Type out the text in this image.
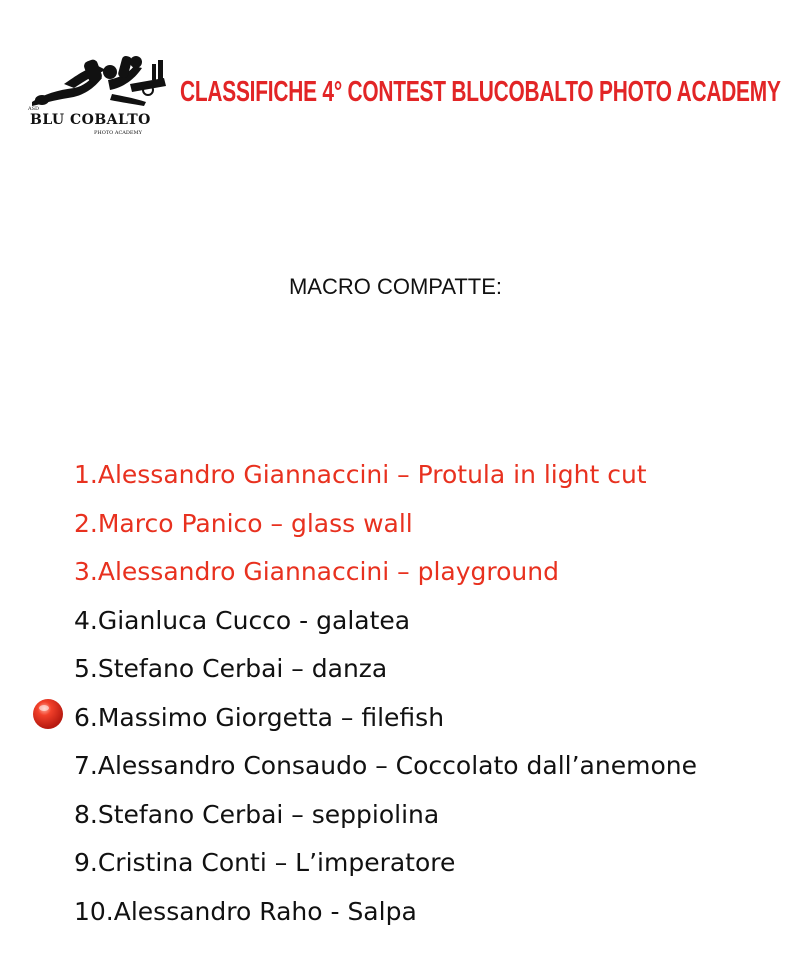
ASD
BLU COBALTO
PHOTO ACADEMY
CLASSIFICHE 4° CONTEST BLUCOBALTO PHOTO ACADEMY
MACRO COMPATTE:
1.Alessandro Giannaccini – Protula in light cut
2.Marco Panico – glass wall
3.Alessandro Giannaccini – playground
4.Gianluca Cucco - galatea
5.Stefano Cerbai – danza
6.Massimo Giorgetta – filefish
7.Alessandro Consaudo – Coccolato dall’anemone
8.Stefano Cerbai – seppiolina
9.Cristina Conti – L’imperatore
10.Alessandro Raho - Salpa
